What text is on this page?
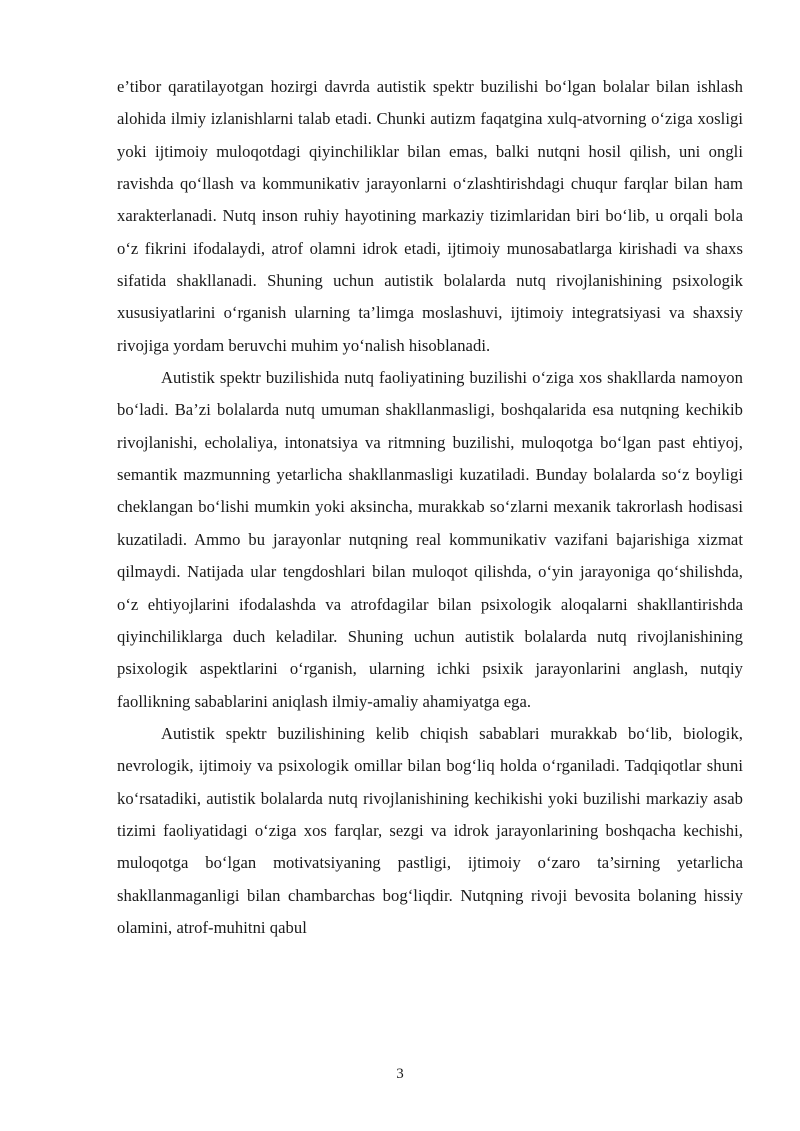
e’tibor qaratilayotgan hozirgi davrda autistik spektr buzilishi bo‘lgan bolalar bilan ishlash alohida ilmiy izlanishlarni talab etadi. Chunki autizm faqatgina xulq-atvorning o‘ziga xosligi yoki ijtimoiy muloqotdagi qiyinchiliklar bilan emas, balki nutqni hosil qilish, uni ongli ravishda qo‘llash va kommunikativ jarayonlarni o‘zlashtirishdagi chuqur farqlar bilan ham xarakterlanadi. Nutq inson ruhiy hayotining markaziy tizimlaridan biri bo‘lib, u orqali bola o‘z fikrini ifodalaydi, atrof olamni idrok etadi, ijtimoiy munosabatlarga kirishadi va shaxs sifatida shakllanadi. Shuning uchun autistik bolalarda nutq rivojlanishining psixologik xususiyatlarini o‘rganish ularning ta’limga moslashuvi, ijtimoiy integratsiyasi va shaxsiy rivojiga yordam beruvchi muhim yo‘nalish hisoblanadi.

Autistik spektr buzilishida nutq faoliyatining buzilishi o‘ziga xos shakllarda namoyon bo‘ladi. Ba’zi bolalarda nutq umuman shakllanmasligi, boshqalarida esa nutqning kechikib rivojlanishi, echolaliya, intonatsiya va ritmning buzilishi, muloqotga bo‘lgan past ehtiyoj, semantik mazmunning yetarlicha shakllanmasligi kuzatiladi. Bunday bolalarda so‘z boyligi cheklangan bo‘lishi mumkin yoki aksincha, murakkab so‘zlarni mexanik takrorlash hodisasi kuzatiladi. Ammo bu jarayonlar nutqning real kommunikativ vazifani bajarishiga xizmat qilmaydi. Natijada ular tengdoshlari bilan muloqot qilishda, o‘yin jarayoniga qo‘shilishda, o‘z ehtiyojlarini ifodalashda va atrofdagilar bilan psixologik aloqalarni shakllantirishda qiyinchiliklarga duch keladilar. Shuning uchun autistik bolalarda nutq rivojlanishining psixologik aspektlarini o‘rganish, ularning ichki psixik jarayonlarini anglash, nutqiy faollikning sabablarini aniqlash ilmiy-amaliy ahamiyatga ega.

Autistik spektr buzilishining kelib chiqish sabablari murakkab bo‘lib, biologik, nevrologik, ijtimoiy va psixologik omillar bilan bog‘liq holda o‘rganiladi. Tadqiqotlar shuni ko‘rsatadiki, autistik bolalarda nutq rivojlanishining kechikishi yoki buzilishi markaziy asab tizimi faoliyatidagi o‘ziga xos farqlar, sezgi va idrok jarayonlarining boshqacha kechishi, muloqotga bo‘lgan motivatsiyaning pastligi, ijtimoiy o‘zaro ta’sirning yetarlicha shakllanmaganligi bilan chambarchas bog‘liqdir. Nutqning rivoji bevosita bolaning hissiy olamini, atrof-muhitni qabul

3
